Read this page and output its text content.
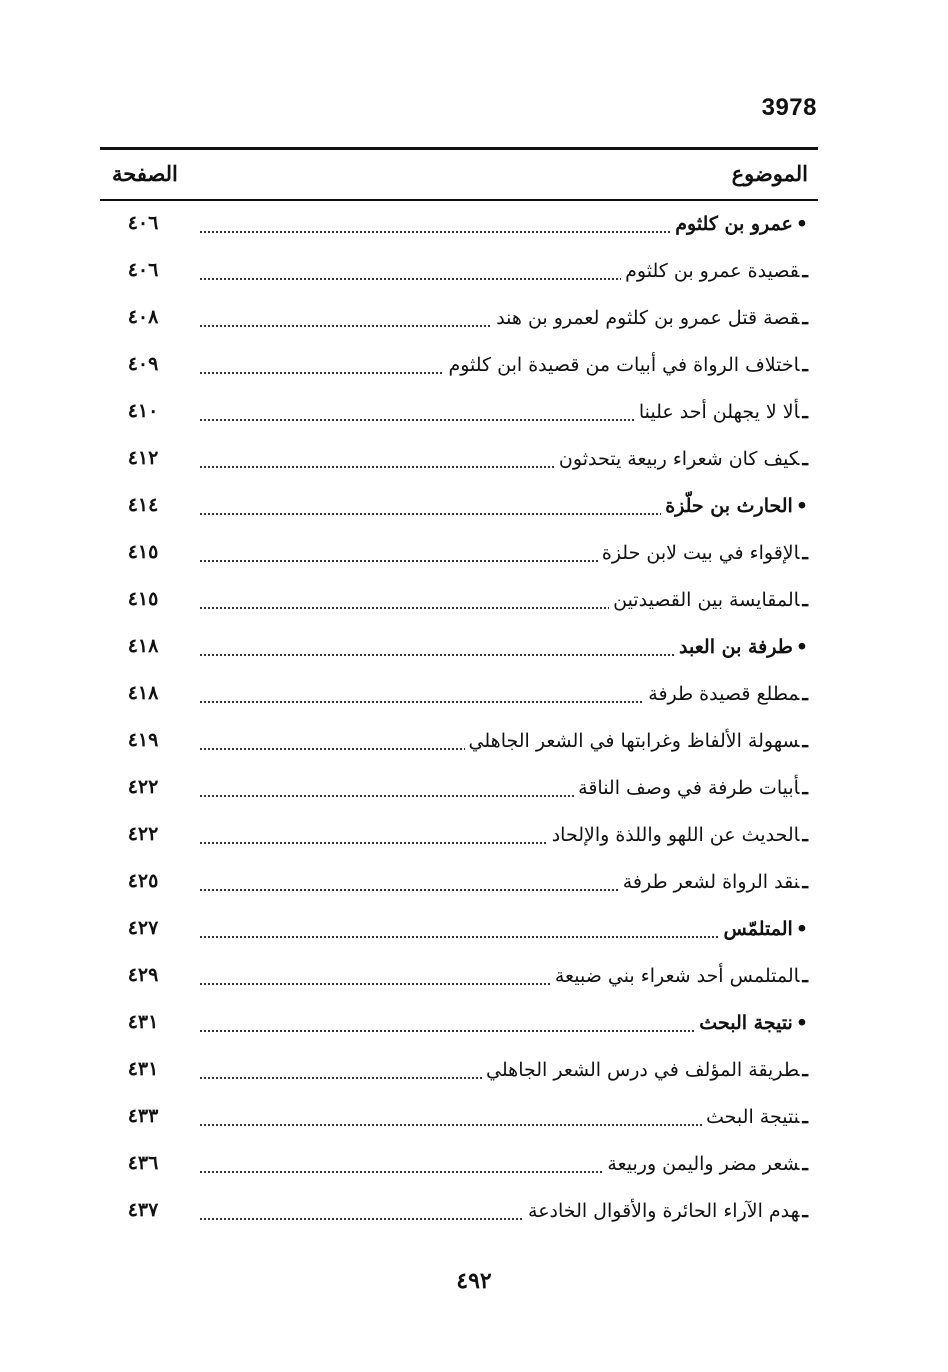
3978
الموضوع
الصفحة
•عمرو بن كلثوم
٤٠٦
ـقصيدة عمرو بن كلثوم
٤٠٦
ـقصة قتل عمرو بن كلثوم لعمرو بن هند
٤٠٨
ـاختلاف الرواة في أبيات من قصيدة ابن كلثوم
٤٠٩
ـألا لا يجهلن أحد علينا
٤١٠
ـكيف كان شعراء ربيعة يتحدثون
٤١٢
•الحارث بن حلّزة
٤١٤
ـالإقواء في بيت لابن حلزة
٤١٥
ـالمقايسة بين القصيدتين
٤١٥
•طرفة بن العبد
٤١٨
ـمطلع قصيدة طرفة
٤١٨
ـسهولة الألفاظ وغرابتها في الشعر الجاهلي
٤١٩
ـأبيات طرفة في وصف الناقة
٤٢٢
ـالحديث عن اللهو واللذة والإلحاد
٤٢٢
ـنقد الرواة لشعر طرفة
٤٢٥
•المتلمّس
٤٢٧
ـالمتلمس أحد شعراء بني ضبيعة
٤٢٩
•نتيجة البحث
٤٣١
ـطريقة المؤلف في درس الشعر الجاهلي
٤٣١
ـنتيجة البحث
٤٣٣
ـشعر مضر واليمن وربيعة
٤٣٦
ـهدم الآراء الحائرة والأقوال الخادعة
٤٣٧
٤٩٢
